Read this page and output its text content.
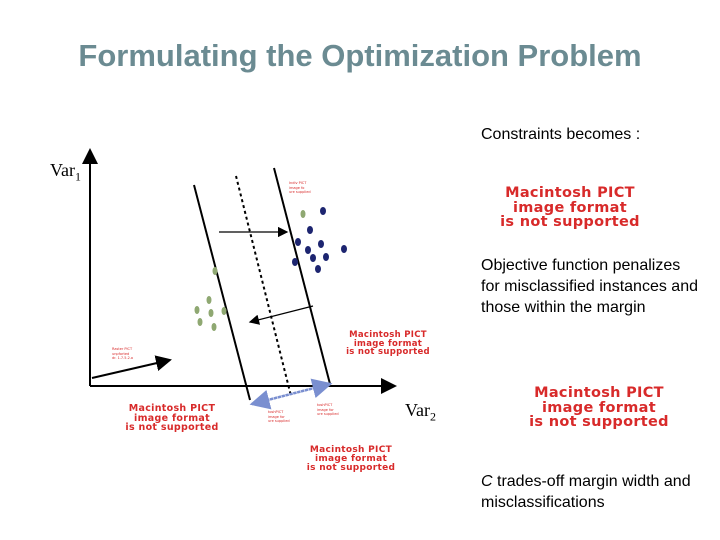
Formulating the Optimization Problem
Constraints becomes :
Objective function penalizes for misclassified instances and those within the margin
C trades-off margin width and misclassifications
Var$_1$
Var$_2$
Macintosh PICT
image format
is not supported
Macintosh PICT
image format
is not supported
Macintosh PICT
image format
is not supported
Macintosh PICT
image format
is not supported
Macintosh PICT
image format
is not supported
Indiv PICT
image fo
ure supplied
Raster PICT
unpforted
dr. 1.7.5.2.a
toshPICT
image for
ure supplied
toshPICT
image for
ure supplied
